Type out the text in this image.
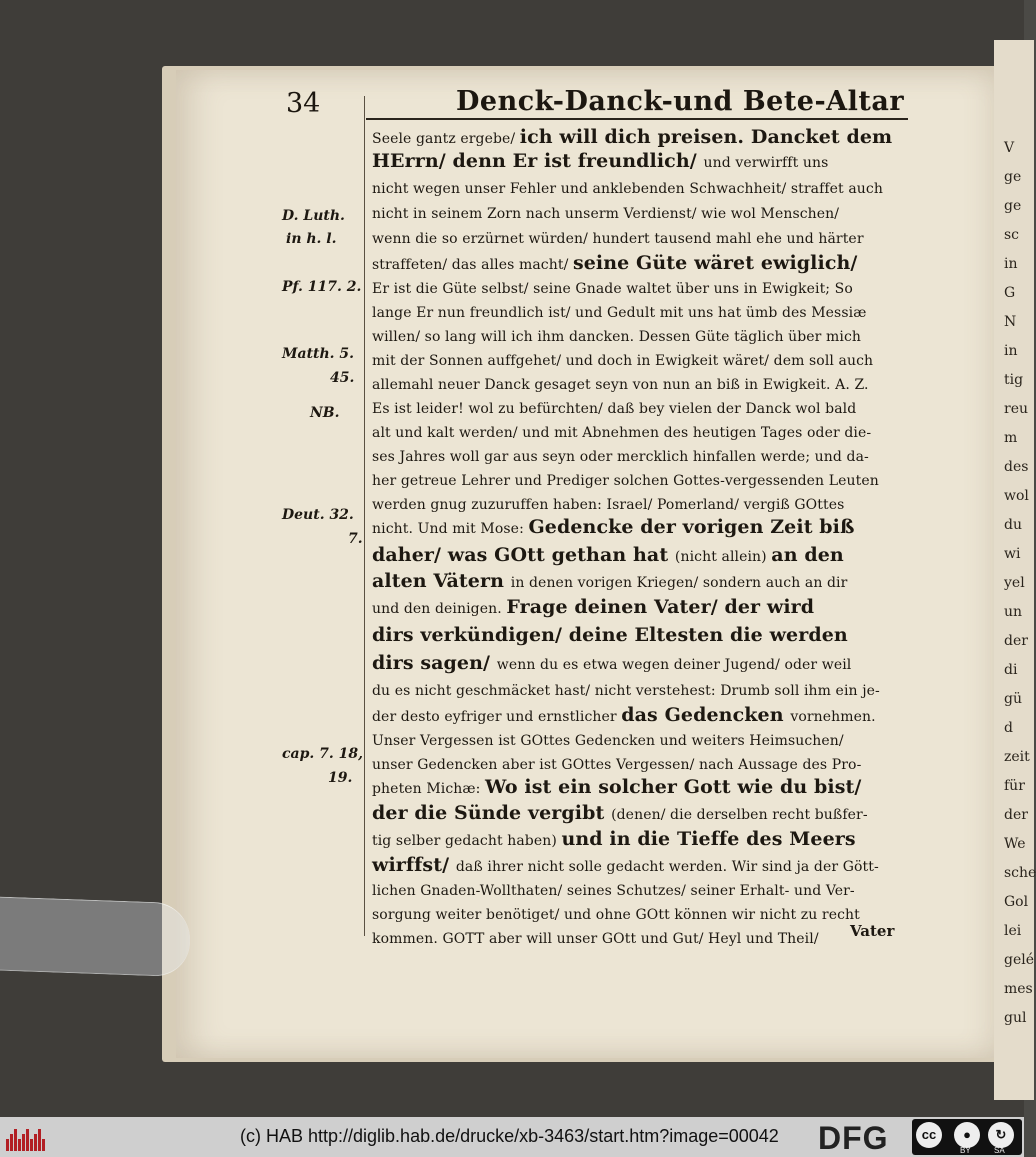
V
ge
ge
sc
in
G
N
in
tig
reu
m
des
wol
du
wi
yel
un
der
di
gü
d
zeit
für
der
We
sche
Gol
lei
gelé
mes
gul
34	Denck-Danck-und Bete-Altar
D. Luth.
in h. l.
Pf. 117. 2.
Matth. 5.
45.
NB.
Deut. 32.
7.
cap. 7. 18,
19.
Seele gantz ergebe/ ich will dich preisen. Dancket dem
HErrn/ denn Er ist freundlich/ und verwirfft uns
nicht wegen unser Fehler und anklebenden Schwachheit/ straffet auch
nicht in seinem Zorn nach unserm Verdienst/ wie wol Menschen/
wenn die so erzürnet würden/ hundert tausend mahl ehe und härter
straffeten/ das alles macht/ seine Güte wäret ewiglich/
Er ist die Güte selbst/ seine Gnade waltet über uns in Ewigkeit; So
lange Er nun freundlich ist/ und Gedult mit uns hat ümb des Messiæ
willen/ so lang will ich ihm dancken. Dessen Güte täglich über mich
mit der Sonnen auffgehet/ und doch in Ewigkeit wäret/ dem soll auch
allemahl neuer Danck gesaget seyn von nun an biß in Ewigkeit. A. Z.
Es ist leider! wol zu befürchten/ daß bey vielen der Danck wol bald
alt und kalt werden/ und mit Abnehmen des heutigen Tages oder die-
ses Jahres woll gar aus seyn oder mercklich hinfallen werde; und da-
her getreue Lehrer und Prediger solchen Gottes-vergessenden Leuten
werden gnug zuzuruffen haben: Israel/ Pomerland/ vergiß GOttes
nicht. Und mit Mose: Gedencke der vorigen Zeit biß
daher/ was GOtt gethan hat (nicht allein) an den
alten Vätern in denen vorigen Kriegen/ sondern auch an dir
und den deinigen. Frage deinen Vater/ der wird
dirs verkündigen/ deine Eltesten die werden
dirs sagen/ wenn du es etwa wegen deiner Jugend/ oder weil
du es nicht geschmäcket hast/ nicht verstehest: Drumb soll ihm ein je-
der desto eyfriger und ernstlicher das Gedencken vornehmen.
Unser Vergessen ist GOttes Gedencken und weiters Heimsuchen/
unser Gedencken aber ist GOttes Vergessen/ nach Aussage des Pro-
pheten Michæ: Wo ist ein solcher Gott wie du bist/
der die Sünde vergibt (denen/ die derselben recht bußfer-
tig selber gedacht haben) und in die Tieffe des Meers
wirffst/ daß ihrer nicht solle gedacht werden. Wir sind ja der Gött-
lichen Gnaden-Wollthaten/ seines Schutzes/ seiner Erhalt- und Ver-
sorgung weiter benötiget/ und ohne GOtt können wir nicht zu recht
kommen. GOTT aber will unser GOtt und Gut/ Heyl und Theil/	Vater
(c) HAB http://diglib.hab.de/drucke/xb-3463/start.htm?image=00042 DFG	cc	●	↻
BY	SA
